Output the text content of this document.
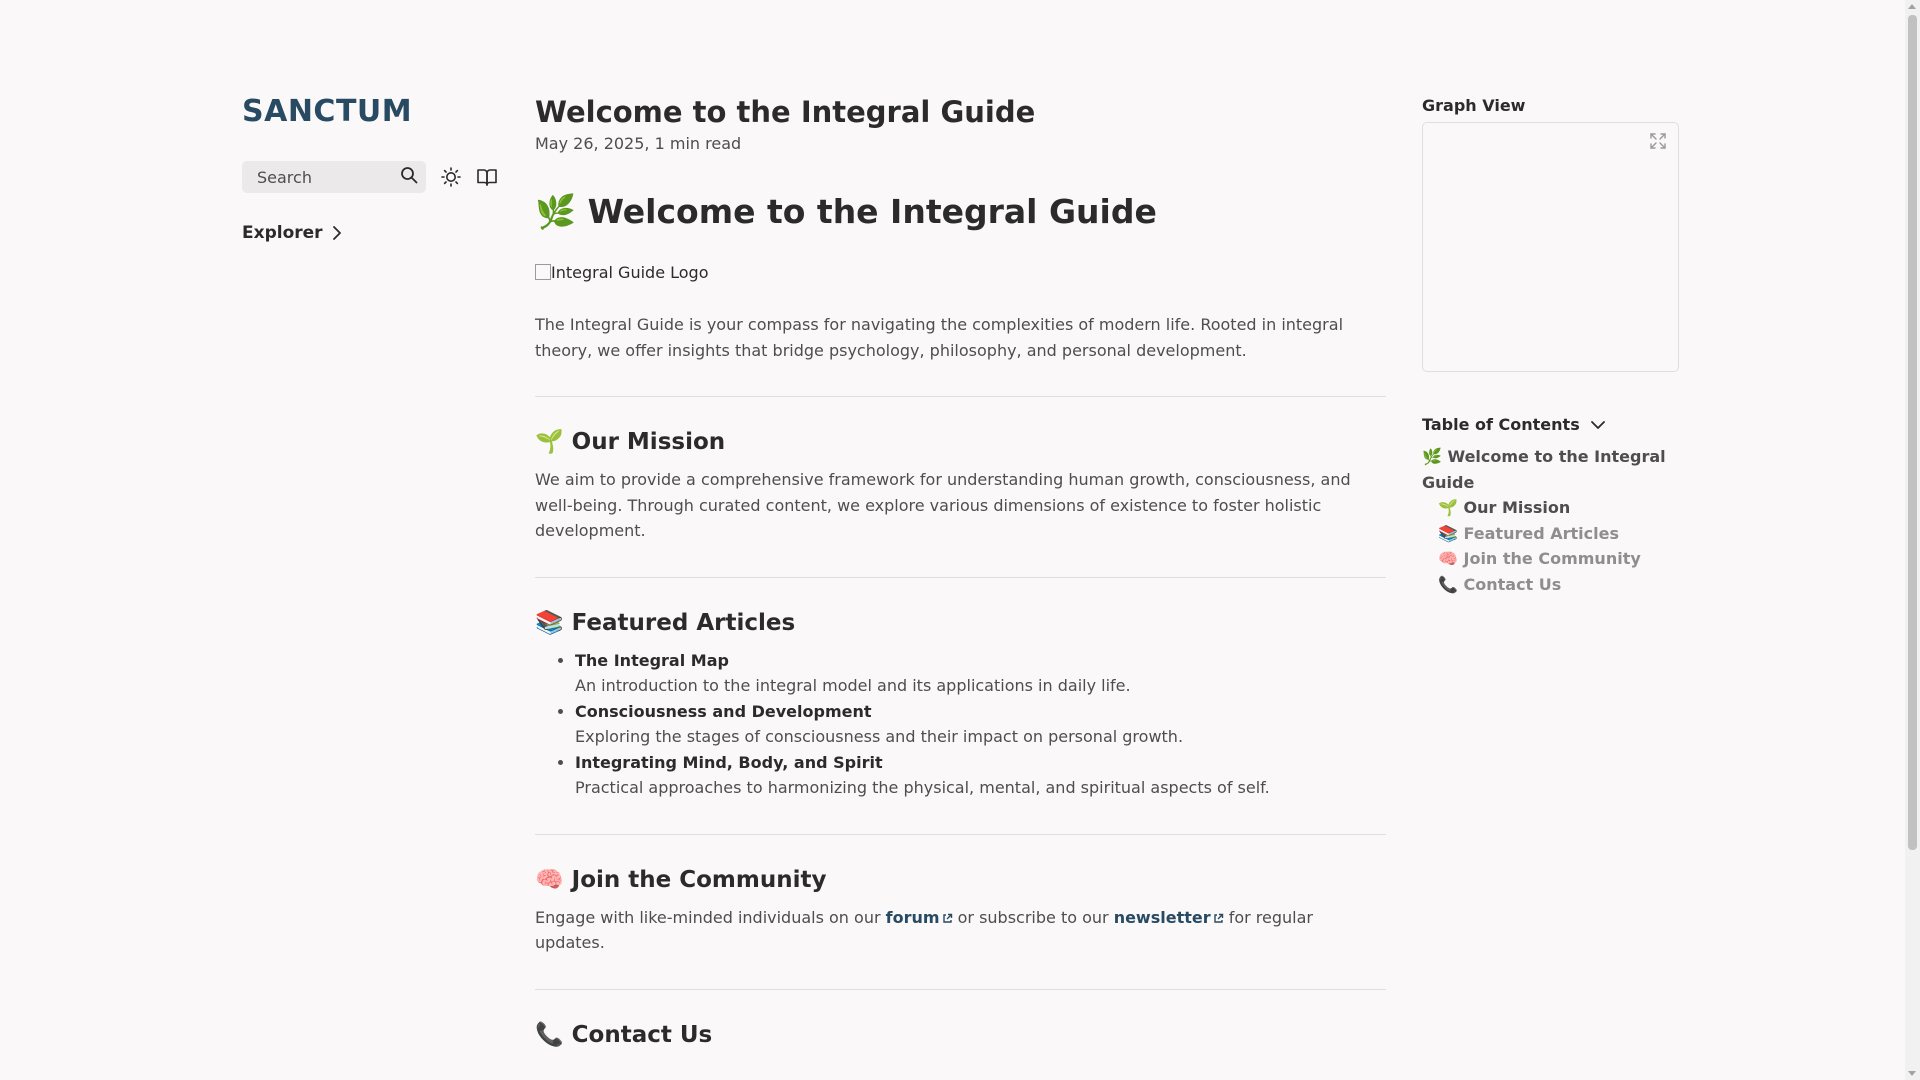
SANCTUM
Search
Explorer
Welcome to the Integral Guide
May 26, 2025, 1 min read
🌿 Welcome to the Integral Guide
Integral Guide Logo

The Integral Guide is your compass for navigating the complexities of modern life. Rooted in integral theory, we offer insights that bridge psychology, philosophy, and personal development.

🌱 Our Mission

We aim to provide a comprehensive framework for understanding human growth, consciousness, and well-being. Through curated content, we explore various dimensions of existence to foster holistic development.

📚 Featured Articles
• The Integral Map
An introduction to the integral model and its applications in daily life.
• Consciousness and Development
Exploring the stages of consciousness and their impact on personal growth.
• Integrating Mind, Body, and Spirit
Practical approaches to harmonizing the physical, mental, and spiritual aspects of self.
🧠 Join the Community

Engage with like-minded individuals on our forum or subscribe to our newsletter for regular updates.

📞 Contact Us
Graph View
Table of Contents
🌿 Welcome to the Integral Guide
🌱 Our Mission
📚 Featured Articles
🧠 Join the Community
📞 Contact Us
